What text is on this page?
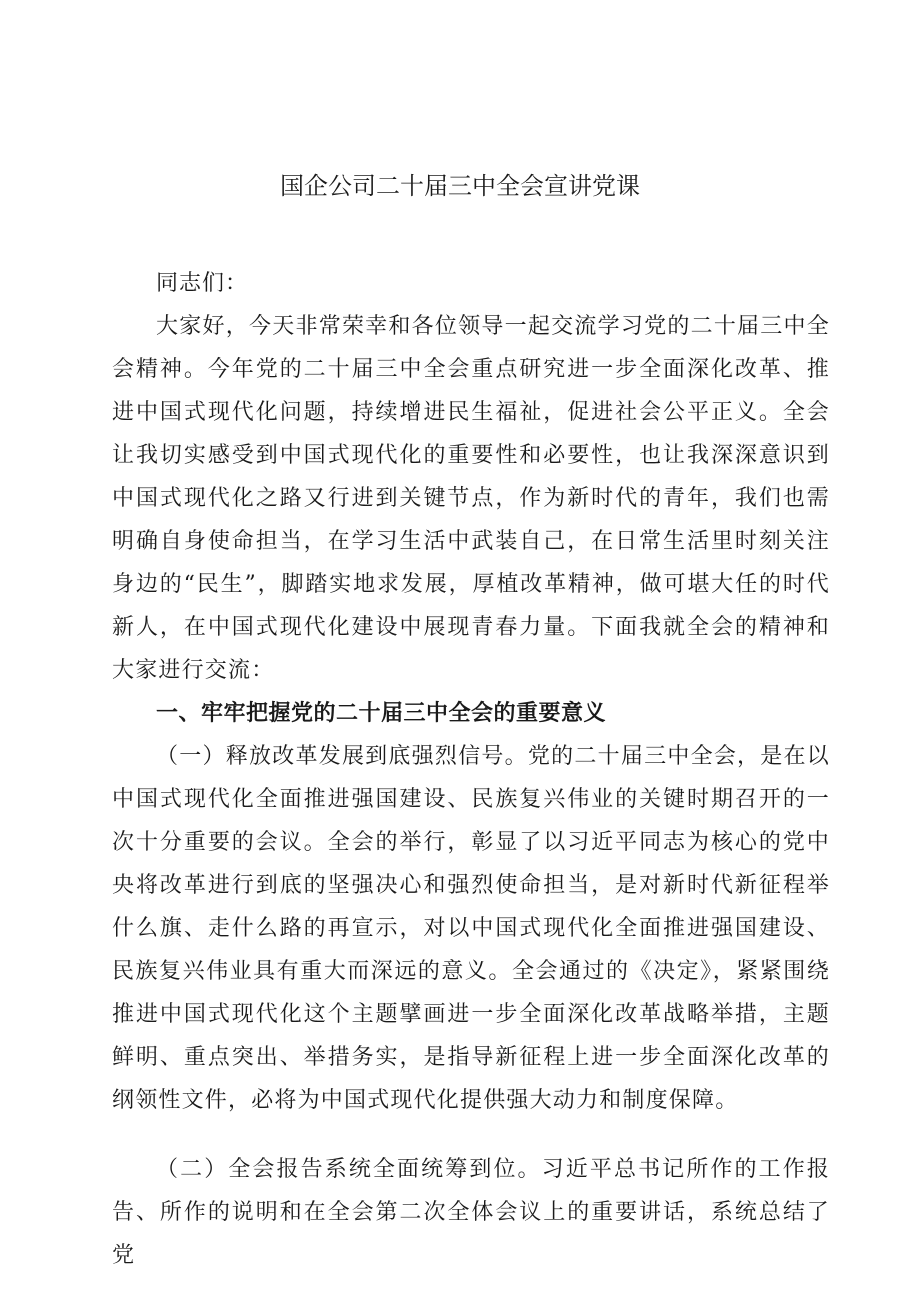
国企公司二十届三中全会宣讲党课

同志们：

大家好，今天非常荣幸和各位领导一起交流学习党的二十届三中全会精神。今年党的二十届三中全会重点研究进一步全面深化改革、推进中国式现代化问题，持续增进民生福祉，促进社会公平正义。全会让我切实感受到中国式现代化的重要性和必要性，也让我深深意识到中国式现代化之路又行进到关键节点，作为新时代的青年，我们也需明确自身使命担当，在学习生活中武装自己，在日常生活里时刻关注身边的“民生”，脚踏实地求发展，厚植改革精神，做可堪大任的时代新人，在中国式现代化建设中展现青春力量。下面我就全会的精神和大家进行交流：

一、牢牢把握党的二十届三中全会的重要意义

（一）释放改革发展到底强烈信号。党的二十届三中全会，是在以中国式现代化全面推进强国建设、民族复兴伟业的关键时期召开的一次十分重要的会议。全会的举行，彰显了以习近平同志为核心的党中央将改革进行到底的坚强决心和强烈使命担当，是对新时代新征程举什么旗、走什么路的再宣示，对以中国式现代化全面推进强国建设、民族复兴伟业具有重大而深远的意义。全会通过的《决定》，紧紧围绕推进中国式现代化这个主题擘画进一步全面深化改革战略举措，主题鲜明、重点突出、举措务实，是指导新征程上进一步全面深化改革的纲领性文件，必将为中国式现代化提供强大动力和制度保障。

（二）全会报告系统全面统筹到位。习近平总书记所作的工作报告、所作的说明和在全会第二次全体会议上的重要讲话，系统总结了党
